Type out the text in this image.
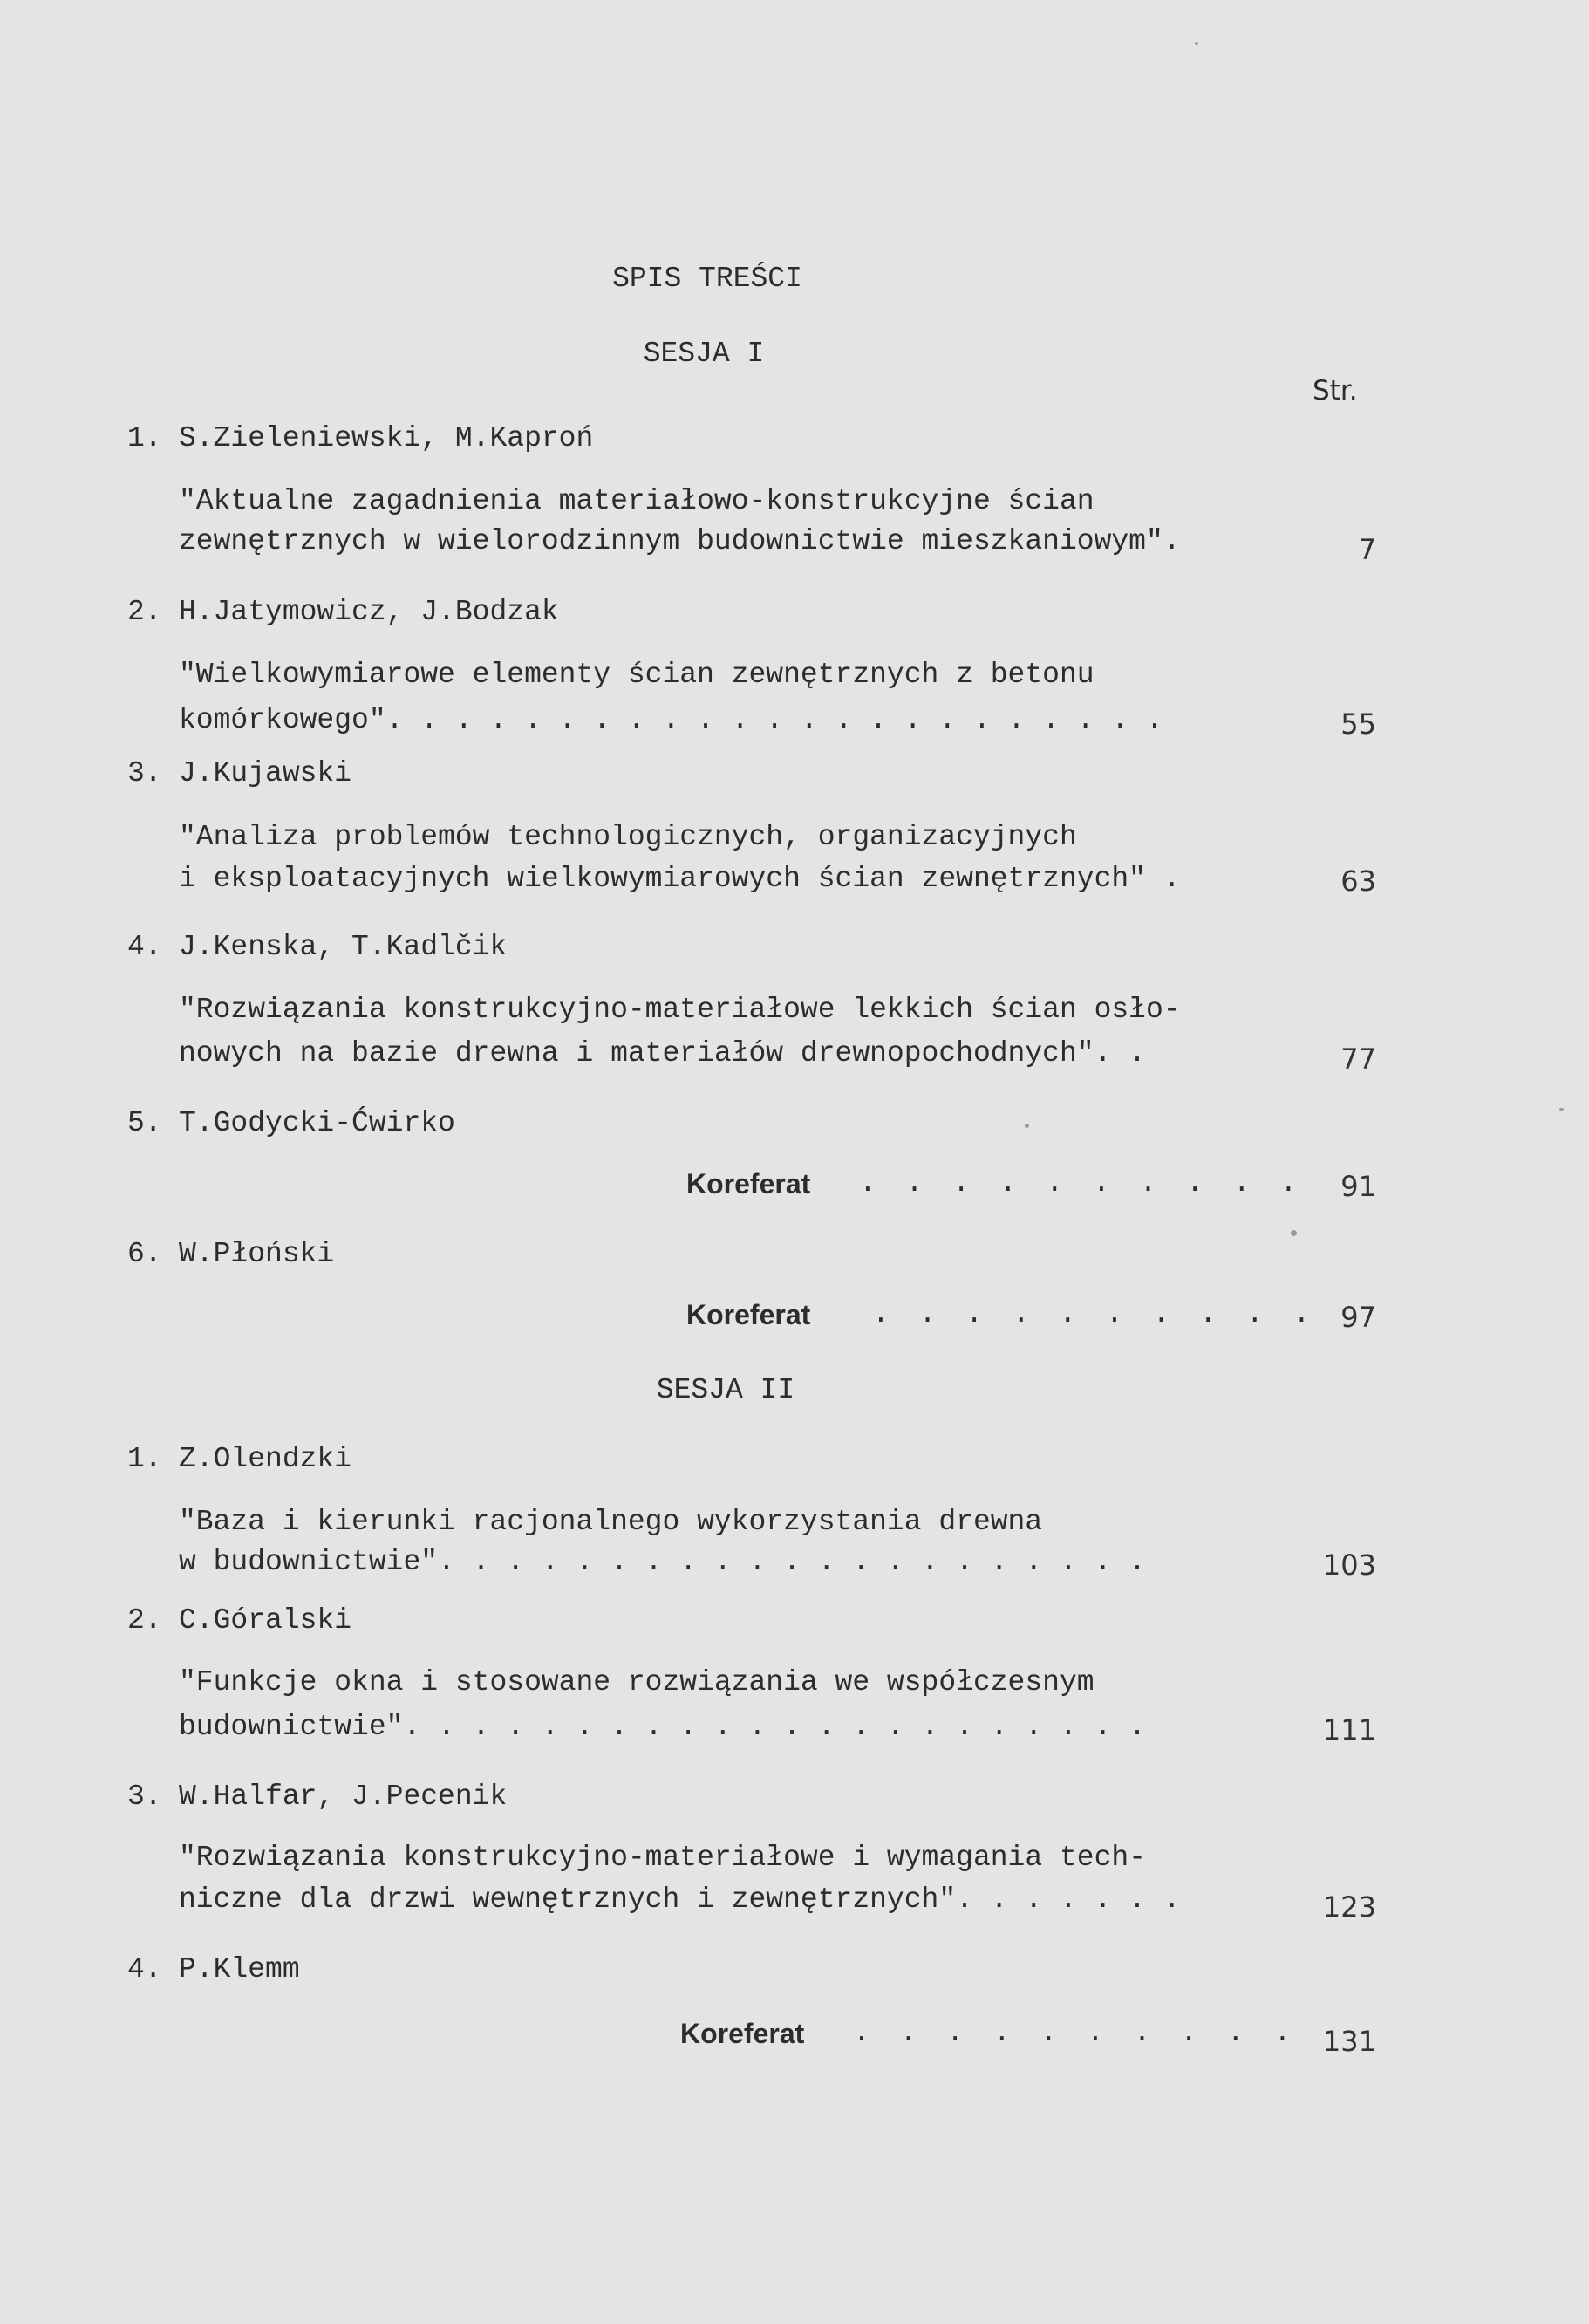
SPIS TREŚCI
SESJA I
Str.
1. S.Zieleniewski, M.Kaproń
"Aktualne zagadnienia materiałowo-konstrukcyjne ścian
zewnętrznych w wielorodzinnym budownictwie mieszkaniowym".	7
2. H.Jatymowicz, J.Bodzak
"Wielkowymiarowe elementy ścian zewnętrznych z betonu
komórkowego". . . . . . . . . . . . . . . . . . . . . . .	55
3. J.Kujawski
"Analiza problemów technologicznych, organizacyjnych
i eksploatacyjnych wielkowymiarowych ścian zewnętrznych" .	63
4. J.Kenska, T.Kadlčik
"Rozwiązania konstrukcyjno-materiałowe lekkich ścian osło-
nowych na bazie drewna i materiałów drewnopochodnych". .	77
5. T.Godycki-Ćwirko
Koreferat . . . . . . . . . .	91
6. W.Płoński
Koreferat . . . . . . . . . . 97
SESJA II
1. Z.Olendzki
"Baza i kierunki racjonalnego wykorzystania drewna
w budownictwie". . . . . . . . . . . . . . . . . . . . .	103
2. C.Góralski
"Funkcje okna i stosowane rozwiązania we współczesnym
budownictwie". . . . . . . . . . . . . . . . . . . . . .	111
3. W.Halfar, J.Pecenik
"Rozwiązania konstrukcyjno-materiałowe i wymagania tech-
niczne dla drzwi wewnętrznych i zewnętrznych". . . . . . .	123
4. P.Klemm
Koreferat . . . . . . . . . . 131
